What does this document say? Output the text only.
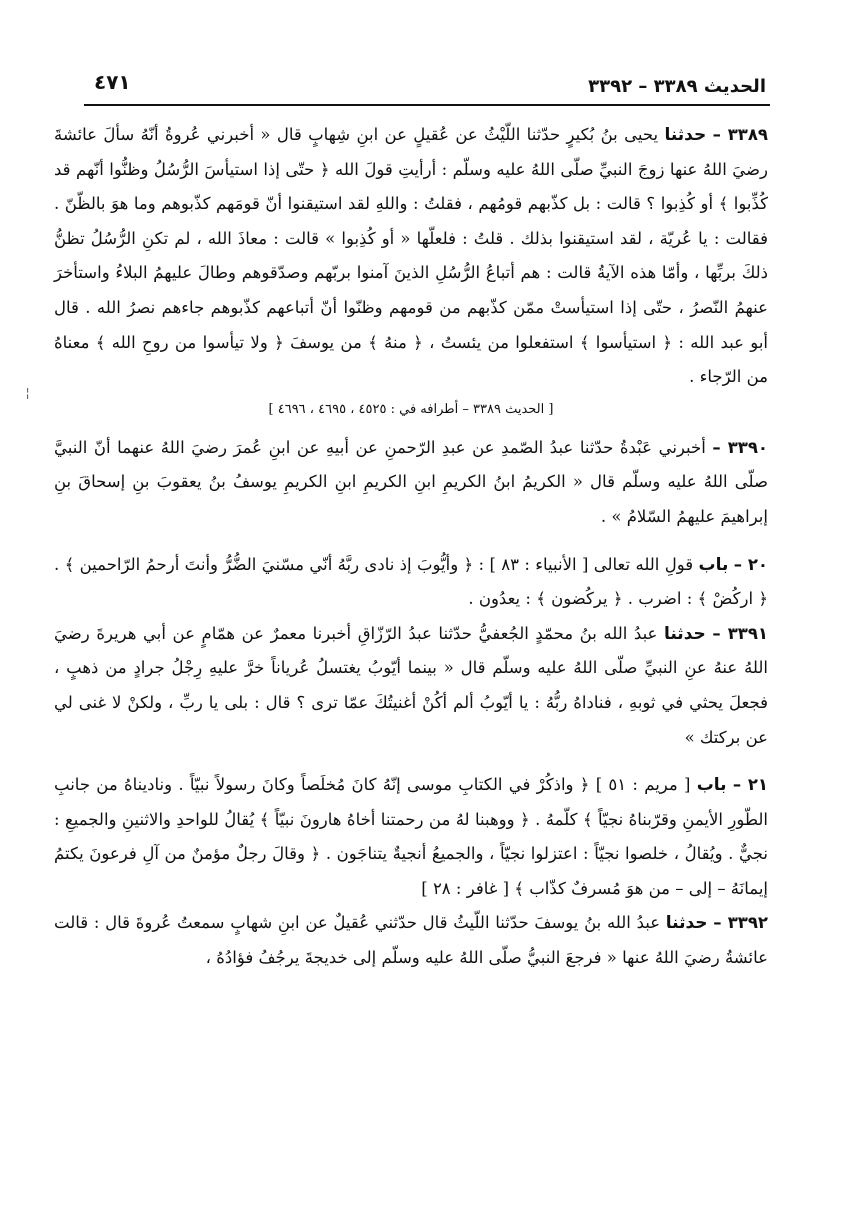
الحديث ٣٣٨٩ – ٣٣٩٢
٤٧١
¦

٣٣٨٩ – حدثنا يحيى بنُ بُكيرٍ حدّثنا اللّيْثُ عن عُقيلٍ عن ابنِ شِهابٍ قال « أخبرني عُروةُ أنّهُ سألَ عائشةَ رضيَ اللهُ عنها زوجَ النبيِّ صلّى اللهُ عليه وسلّم : أرأيتِ قولَ الله ﴿ حتّى إذا استيأسَ الرُّسُلُ وظنُّوا أنّهم قد كُذِّبوا ﴾ أو كُذِبوا ؟ قالت : بل كذّبهم قومُهم ، فقلتُ : واللهِ لقد استيقنوا أنّ قومَهم كذّبوهم وما هوَ بالظّنّ . فقالت : يا عُريّة ، لقد استيقنوا بذلك . قلتُ : فلعلّها « أو كُذِبوا » قالت : معاذَ الله ، لم تكنِ الرُّسُلُ تظنُّ ذلكَ بربِّها ، وأمّا هذه الآيةُ قالت : هم أتباعُ الرُّسُلِ الذينَ آمنوا بربّهم وصدّقوهم وطالَ عليهمُ البلاءُ واستأخرَ عنهمُ النّصرُ ، حتّى إذا استيأستْ ممّن كذّبهم من قومهم وظنّوا أنّ أتباعهم كذّبوهم جاءهم نصرُ الله . قال أبو عبد الله : ﴿ استيأسوا ﴾ استفعلوا من يئستُ ، ﴿ منهُ ﴾ من يوسفَ ﴿ ولا تيأسوا من روحِ الله ﴾ معناهُ من الرّجاء .

[ الحديث ٣٣٨٩ – أطرافه في : ٤٥٢٥ ، ٤٦٩٥ ، ٤٦٩٦ ]

٣٣٩٠ – أخبرني عَبْدةُ حدّثنا عبدُ الصّمدِ عن عبدِ الرّحمنِ عن أبيهِ عن ابنِ عُمرَ رضيَ اللهُ عنهما أنّ النبيَّ صلّى اللهُ عليه وسلّم قال « الكريمُ ابنُ الكريمِ ابنِ الكريمِ ابنِ الكريمِ يوسفُ بنُ يعقوبَ بنِ إسحاقَ بنِ إبراهيمَ عليهمُ السّلامُ » .

٢٠ – باب قولِ الله تعالى [ الأنبياء : ٨٣ ] : ﴿ وأيُّوبَ إذ نادى ربَّهُ أنّي مسّنيَ الضُّرُّ وأنتَ أرحمُ الرّاحمين ﴾ . ﴿ اركُضْ ﴾ : اضرب . ﴿ يركُضون ﴾ : يعدُون .

٣٣٩١ – حدثنا عبدُ الله بنُ محمّدٍ الجُعفيُّ حدّثنا عبدُ الرّزّاقِ أخبرنا معمرٌ عن همّامٍ عن أبي هريرةَ رضيَ اللهُ عنهُ عنِ النبيِّ صلّى اللهُ عليه وسلّم قال « بينما أيّوبُ يغتسلُ عُرياناً خرَّ عليهِ رِجْلُ جرادٍ من ذهبٍ ، فجعلَ يحثي في ثوبهِ ، فناداهُ ربُّهُ : يا أيّوبُ ألم أكُنْ أغنيتُكَ عمّا ترى ؟ قال : بلى يا ربِّ ، ولكنْ لا غنى لي عن بركتك »

٢١ – باب [ مريم : ٥١ ] ﴿ واذكُرْ في الكتابِ موسى إنّهُ كانَ مُخلَصاً وكانَ رسولاً نبيّاً . وناديناهُ من جانبِ الطّورِ الأيمنِ وقرّبناهُ نجيّاً ﴾ كلّمهُ . ﴿ ووهبنا لهُ من رحمتنا أخاهُ هارونَ نبيّاً ﴾ يُقالُ للواحدِ والاثنينِ والجميعِ : نجيٌّ . ويُقالُ ، خلصوا نجيّاً : اعتزلوا نجيّاً ، والجميعُ أنجيةٌ يتناجَون . ﴿ وقالَ رجلٌ مؤمنٌ من آلِ فرعونَ يكتمُ إيمانَهُ – إلى – من هوَ مُسرفٌ كذّاب ﴾ [ غافر : ٢٨ ]

٣٣٩٢ – حدثنا عبدُ الله بنُ يوسفَ حدّثنا اللّيثُ قال حدّثني عُقيلٌ عن ابنِ شهابٍ سمعتُ عُروةَ قال : قالت عائشةُ رضيَ اللهُ عنها « فرجعَ النبيُّ صلّى اللهُ عليه وسلّم إلى خديجةَ يرجُفُ فؤادُهُ ،
